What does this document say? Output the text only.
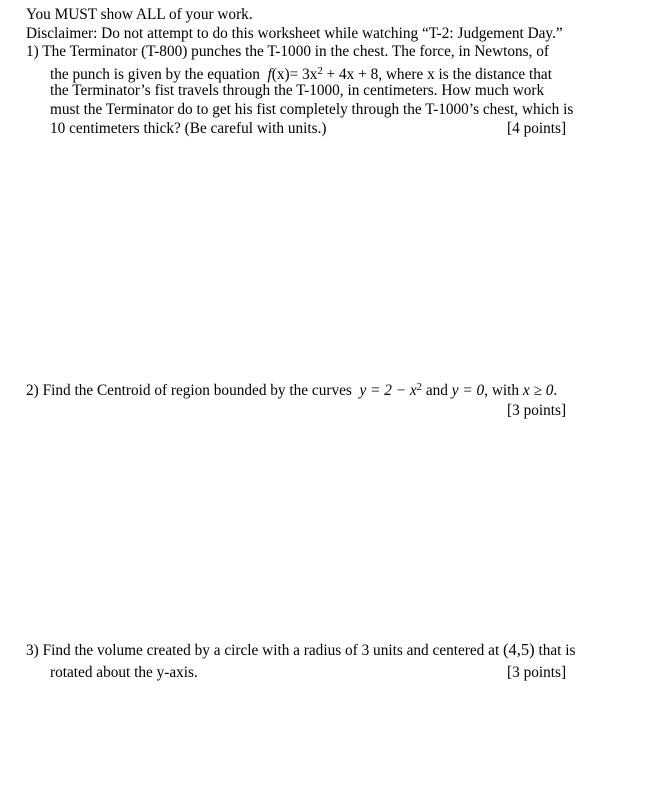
You MUST show ALL of your work.
Disclaimer: Do not attempt to do this worksheet while watching “T-2: Judgement Day.”
1) The Terminator (T-800) punches the T-1000 in the chest. The force, in Newtons, of
the punch is given by the equation $f(x)= 3x^2 + 4x + 8$, where x is the distance that
the Terminator’s fist travels through the T-1000, in centimeters. How much work
must the Terminator do to get his fist completely through the T-1000’s chest, which is
10 centimeters thick? (Be careful with units.)	[4 points]
2) Find the Centroid of region bounded by the curves $y = 2 - x^2$ and y = 0, with x ≥ 0.
[3 points]
3) Find the volume created by a circle with a radius of 3 units and centered at (4,5) that is
rotated about the y-axis.	[3 points]
